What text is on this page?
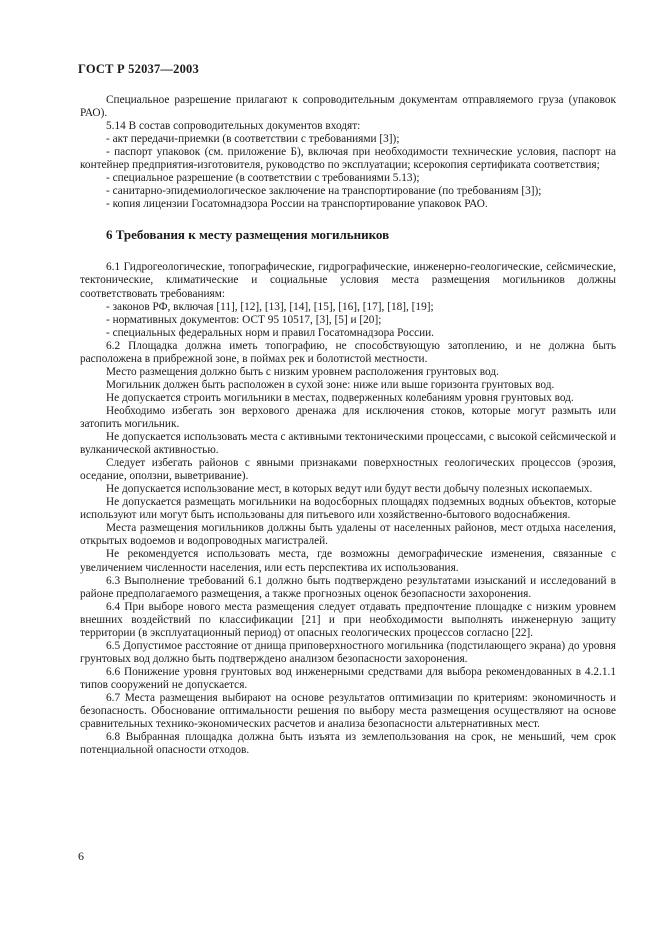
ГОСТ Р 52037—2003

Специальное разрешение прилагают к сопроводительным документам отправляемого груза (упаковок РАО).

5.14 В состав сопроводительных документов входят:

- акт передачи-приемки (в соответствии с требованиями [3]);

- паспорт упаковок (см. приложение Б), включая при необходимости технические условия, паспорт на контейнер предприятия-изготовителя, руководство по эксплуатации; ксерокопия сертификата соответствия;

- специальное разрешение (в соответствии с требованиями 5.13);

- санитарно-эпидемиологическое заключение на транспортирование (по требованиям [3]);

- копия лицензии Госатомнадзора России на транспортирование упаковок РАО.

6 Требования к месту размещения могильников

6.1 Гидрогеологические, топографические, гидрографические, инженерно-геологические, сейсмические, тектонические, климатические и социальные условия места размещения могильников должны соответствовать требованиям:

- законов РФ, включая [11], [12], [13], [14], [15], [16], [17], [18], [19];

- нормативных документов: ОСТ 95 10517, [3], [5] и [20];

- специальных федеральных норм и правил Госатомнадзора России.

6.2 Площадка должна иметь топографию, не способствующую затоплению, и не должна быть расположена в прибрежной зоне, в поймах рек и болотистой местности.

Место размещения должно быть с низким уровнем расположения грунтовых вод.

Могильник должен быть расположен в сухой зоне: ниже или выше горизонта грунтовых вод.

Не допускается строить могильники в местах, подверженных колебаниям уровня грунтовых вод.

Необходимо избегать зон верхового дренажа для исключения стоков, которые могут размыть или затопить могильник.

Не допускается использовать места с активными тектоническими процессами, с высокой сейсмической и вулканической активностью.

Следует избегать районов с явными признаками поверхностных геологических процессов (эрозия, оседание, оползни, выветривание).

Не допускается использование мест, в которых ведут или будут вести добычу полезных ископаемых.

Не допускается размещать могильники на водосборных площадях подземных водных объектов, которые используют или могут быть использованы для питьевого или хозяйственно-бытового водоснабжения.

Места размещения могильников должны быть удалены от населенных районов, мест отдыха населения, открытых водоемов и водопроводных магистралей.

Не рекомендуется использовать места, где возможны демографические изменения, связанные с увеличением численности населения, или есть перспектива их использования.

6.3 Выполнение требований 6.1 должно быть подтверждено результатами изысканий и исследований в районе предполагаемого размещения, а также прогнозных оценок безопасности захоронения.

6.4 При выборе нового места размещения следует отдавать предпочтение площадке с низким уровнем внешних воздействий по классификации [21] и при необходимости выполнять инженерную защиту территории (в эксплуатационный период) от опасных геологических процессов согласно [22].

6.5 Допустимое расстояние от днища приповерхностного могильника (подстилающего экрана) до уровня грунтовых вод должно быть подтверждено анализом безопасности захоронения.

6.6 Понижение уровня грунтовых вод инженерными средствами для выбора рекомендованных в 4.2.1.1 типов сооружений не допускается.

6.7 Места размещения выбирают на основе результатов оптимизации по критериям: экономичность и безопасность. Обоснование оптимальности решения по выбору места размещения осуществляют на основе сравнительных технико-экономических расчетов и анализа безопасности альтернативных мест.

6.8 Выбранная площадка должна быть изъята из землепользования на срок, не меньший, чем срок потенциальной опасности отходов.

6
